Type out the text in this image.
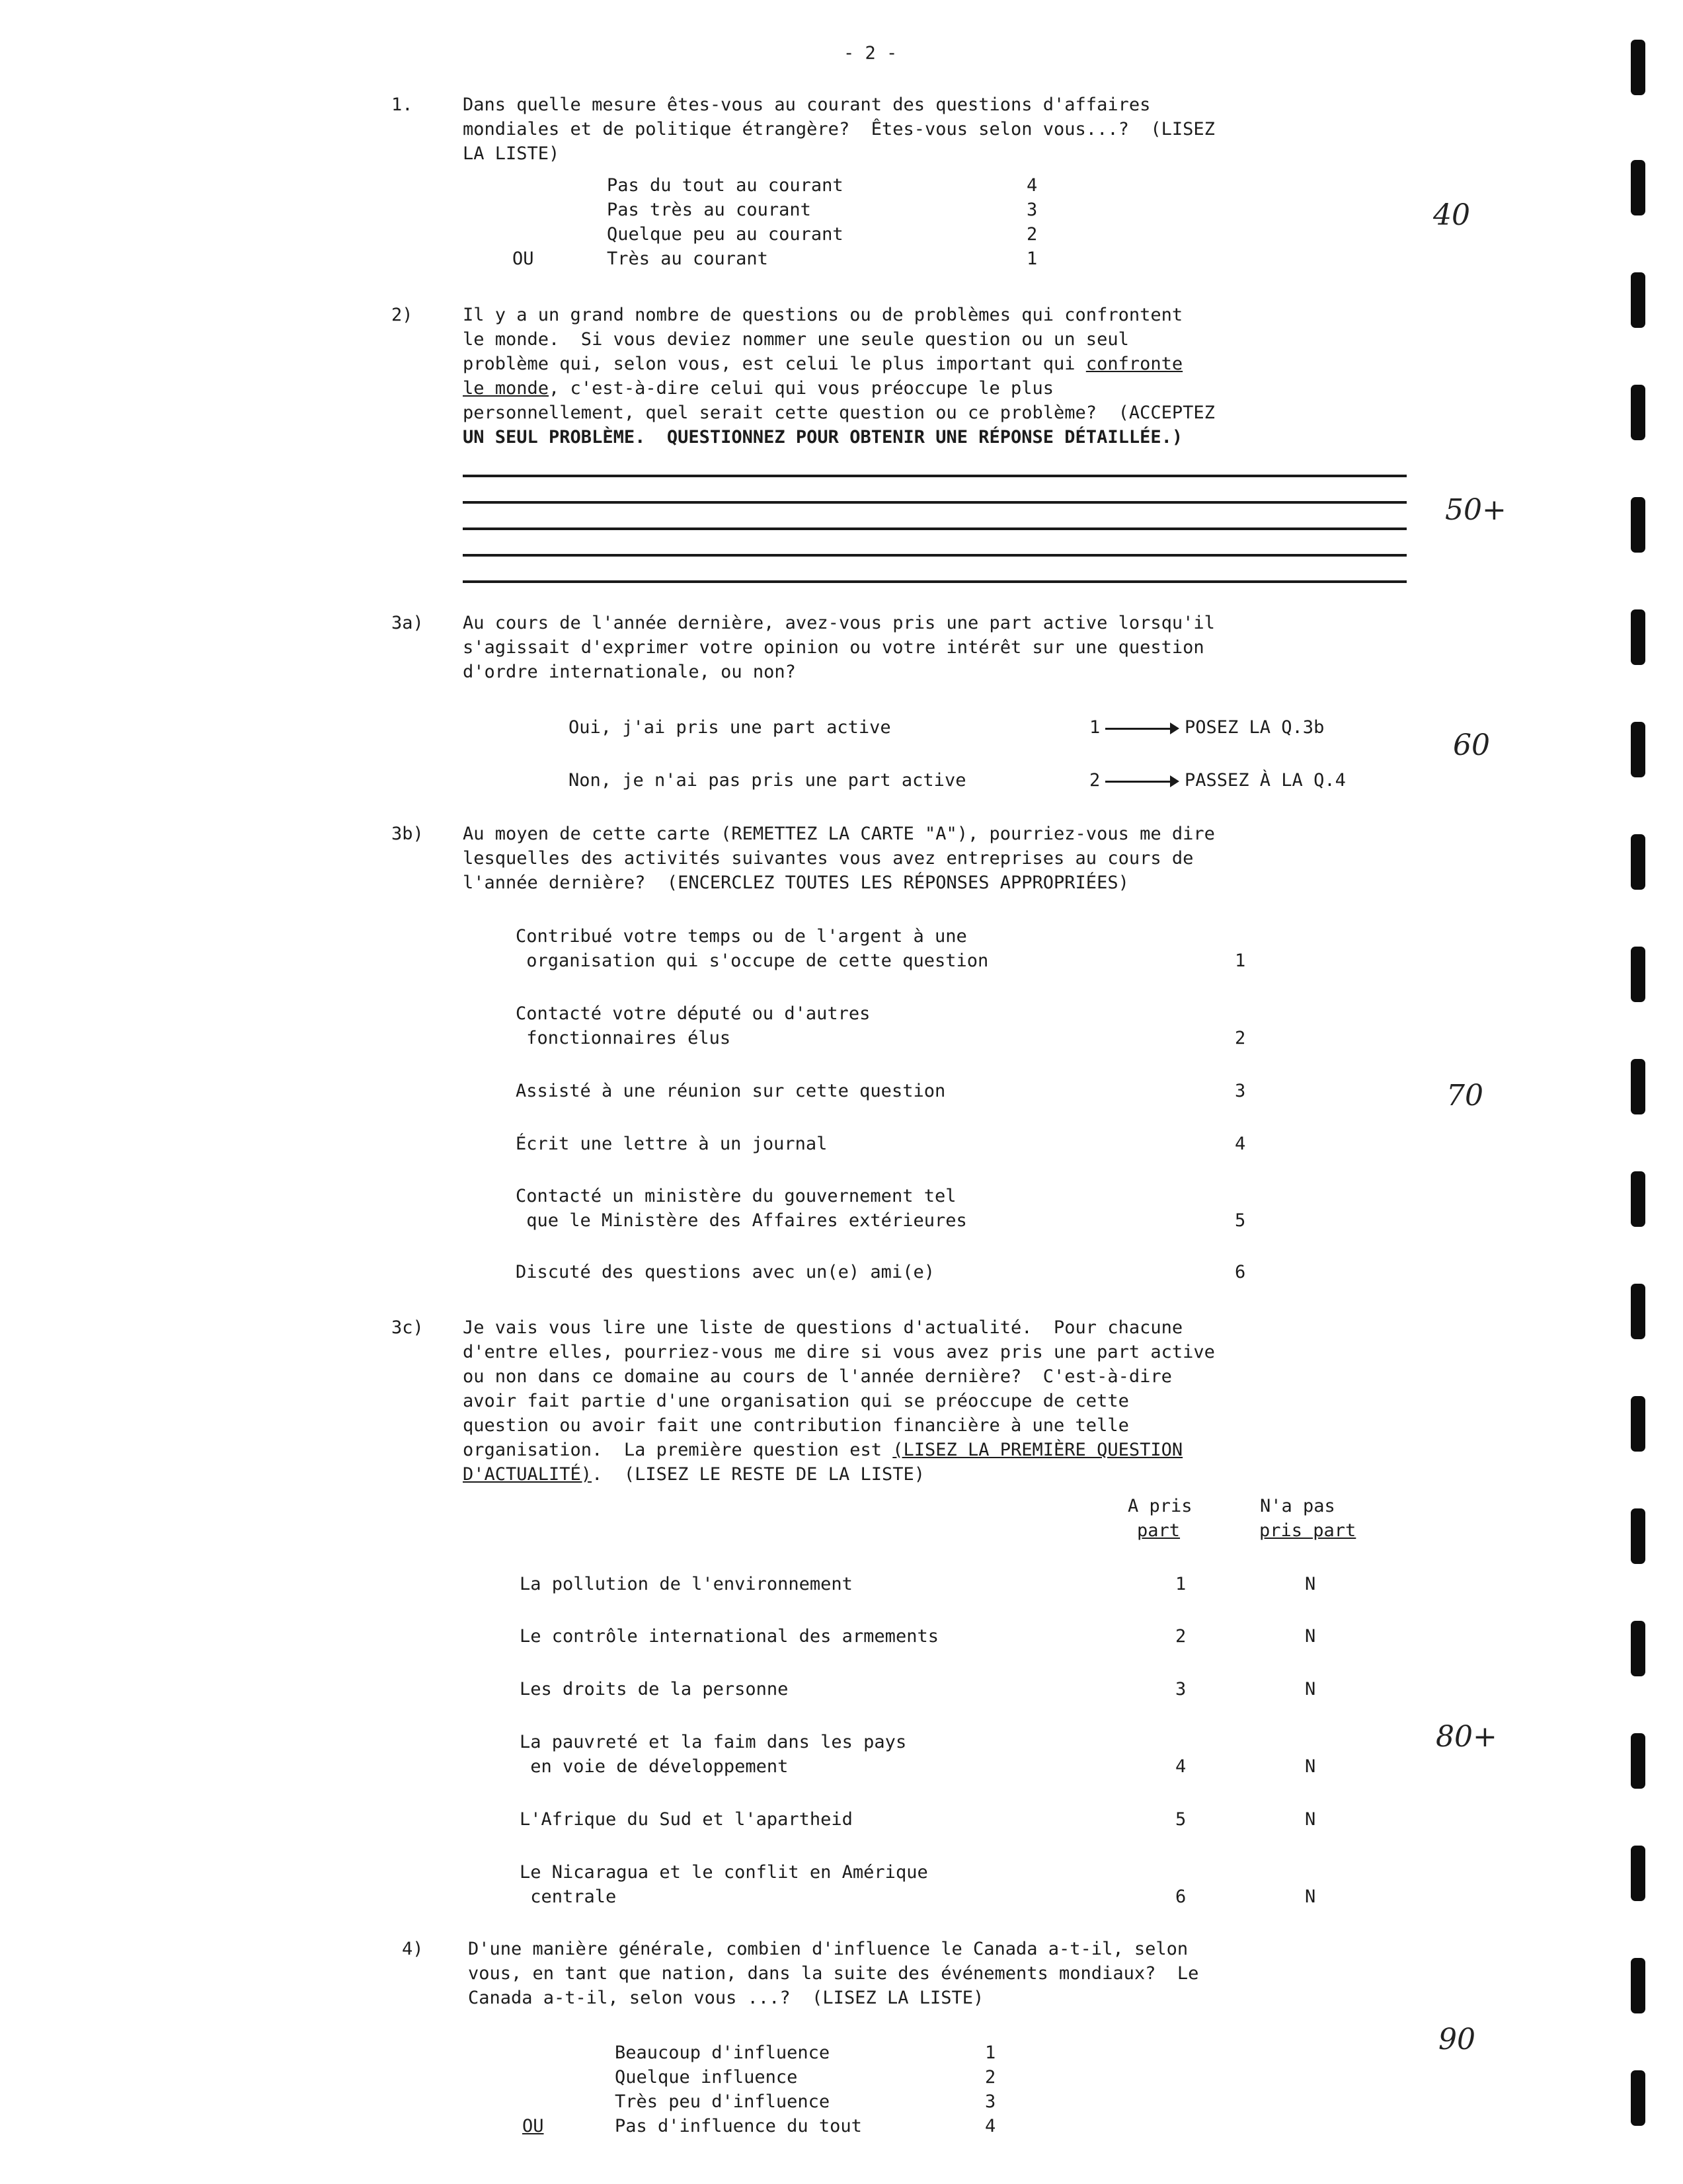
- 2 -
1.	Dans quelle mesure êtes-vous au courant des questions d'affaires
mondiales et de politique étrangère?  Êtes-vous selon vous...?  (LISEZ
LA LISTE)
Pas du tout au courant	4
Pas très au courant	3
Quelque peu au courant	2
OU	Très au courant	1
2)	Il y a un grand nombre de questions ou de problèmes qui confrontent
le monde.  Si vous deviez nommer une seule question ou un seul
problème qui, selon vous, est celui le plus important qui confronte
le monde, c'est-à-dire celui qui vous préoccupe le plus
personnellement, quel serait cette question ou ce problème?  (ACCEPTEZ
UN SEUL PROBLÈME.  QUESTIONNEZ POUR OBTENIR UNE RÉPONSE DÉTAILLÉE.)
3a) Au cours de l'année dernière, avez-vous pris une part active lorsqu'il
s'agissait d'exprimer votre opinion ou votre intérêt sur une question
d'ordre internationale, ou non?
Oui, j'ai pris une part active	1	POSEZ LA Q.3b
Non, je n'ai pas pris une part active	2	PASSEZ À LA Q.4
3b) Au moyen de cette carte (REMETTEZ LA CARTE "A"), pourriez-vous me dire
lesquelles des activités suivantes vous avez entreprises au cours de
l'année dernière?  (ENCERCLEZ TOUTES LES RÉPONSES APPROPRIÉES)
Contribué votre temps ou de l'argent à une
organisation qui s'occupe de cette question	1
Contacté votre député ou d'autres
fonctionnaires élus	2
Assisté à une réunion sur cette question	3
Écrit une lettre à un journal	4
Contacté un ministère du gouvernement tel
que le Ministère des Affaires extérieures	5
Discuté des questions avec un(e) ami(e)	6
3c) Je vais vous lire une liste de questions d'actualité.  Pour chacune
d'entre elles, pourriez-vous me dire si vous avez pris une part active
ou non dans ce domaine au cours de l'année dernière?  C'est-à-dire
avoir fait partie d'une organisation qui se préoccupe de cette
question ou avoir fait une contribution financière à une telle
organisation.  La première question est (LISEZ LA PREMIÈRE QUESTION
D'ACTUALITÉ).  (LISEZ LE RESTE DE LA LISTE)
A pris
part
N'a pas
pris part
La pollution de l'environnement	1	N
Le contrôle international des armements	2	N
Les droits de la personne	3	N
La pauvreté et la faim dans les pays
en voie de développement	4	N
L'Afrique du Sud et l'apartheid	5	N
Le Nicaragua et le conflit en Amérique
centrale	6	N
4) D'une manière générale, combien d'influence le Canada a-t-il, selon
vous, en tant que nation, dans la suite des événements mondiaux?  Le
Canada a-t-il, selon vous ...?  (LISEZ LA LISTE)
Beaucoup d'influence	1
Quelque influence	2
Très peu d'influence	3
OU	Pas d'influence du tout	4
40
50+
60
70
80+
90
